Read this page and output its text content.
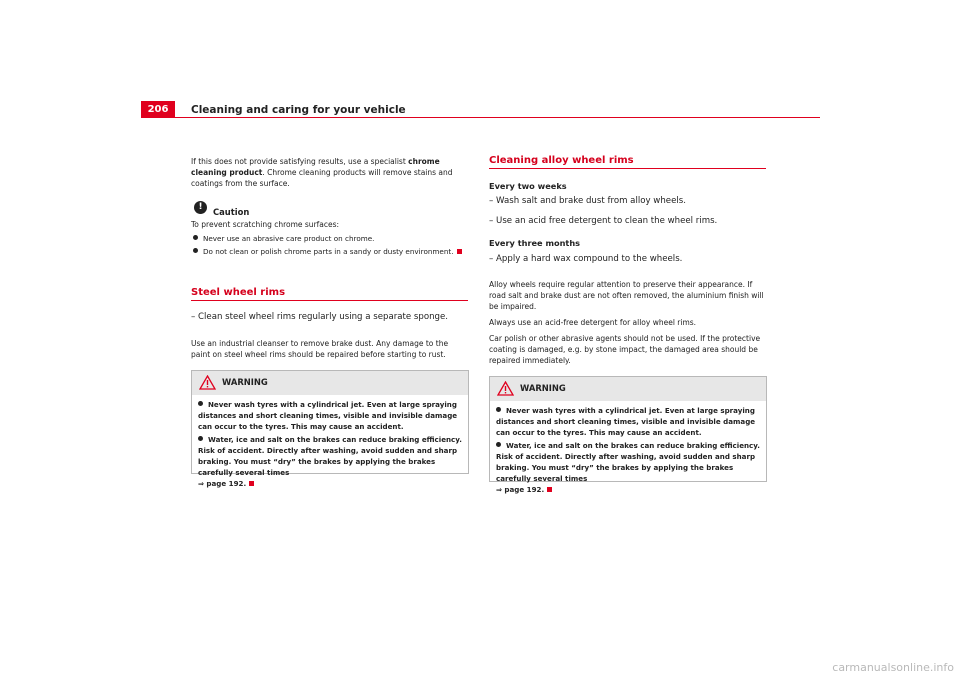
206	Cleaning and caring for your vehicle

If this does not provide satisfying results, use a specialist chrome cleaning product. Chrome cleaning products will remove stains and coatings from the surface.

!	Caution
To prevent scratching chrome surfaces:
Never use an abrasive care product on chrome.
Do not clean or polish chrome parts in a sandy or dusty environment.
Steel wheel rims
– Clean steel wheel rims regularly using a separate sponge.

Use an industrial cleanser to remove brake dust. Any damage to the paint on steel wheel rims should be repaired before starting to rust.

WARNING

Never wash tyres with a cylindrical jet. Even at large spraying distances and short cleaning times, visible and invisible damage can occur to the tyres. This may cause an accident.

Water, ice and salt on the brakes can reduce braking efficiency. Risk of accident. Directly after washing, avoid sudden and sharp braking. You must “dry” the brakes by applying the brakes carefully several times

⇒ page 192.

Cleaning alloy wheel rims
Every two weeks
– Wash salt and brake dust from alloy wheels.
– Use an acid free detergent to clean the wheel rims.
Every three months
– Apply a hard wax compound to the wheels.

Alloy wheels require regular attention to preserve their appearance. If road salt and brake dust are not often removed, the aluminium finish will be impaired.

Always use an acid-free detergent for alloy wheel rims.

Car polish or other abrasive agents should not be used. If the protective coating is damaged, e.g. by stone impact, the damaged area should be repaired immediately.

WARNING

Never wash tyres with a cylindrical jet. Even at large spraying distances and short cleaning times, visible and invisible damage can occur to the tyres. This may cause an accident.

Water, ice and salt on the brakes can reduce braking efficiency. Risk of accident. Directly after washing, avoid sudden and sharp braking. You must “dry” the brakes by applying the brakes carefully several times

⇒ page 192.

carmanualsonline.info
